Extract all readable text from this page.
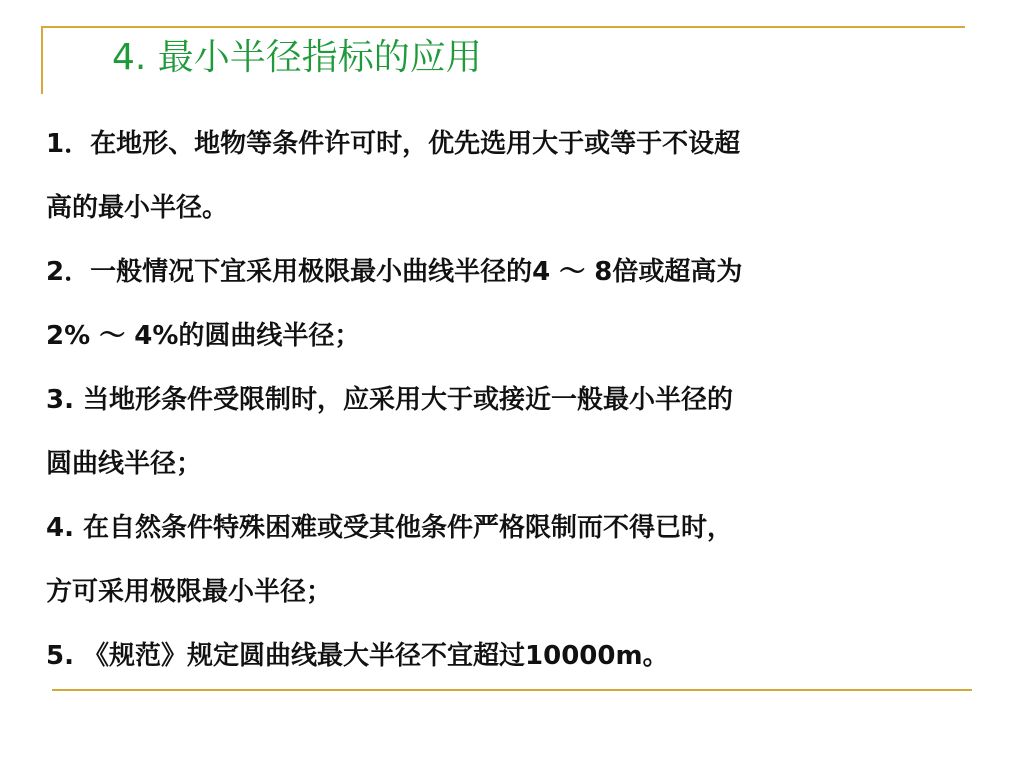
4. 最小半径指标的应用
1．在地形、地物等条件许可时，优先选用大于或等于不设超
高的最小半径。
2．一般情况下宜采用极限最小曲线半径的4 ～ 8倍或超高为
2% ～ 4%的圆曲线半径；
3. 当地形条件受限制时，应采用大于或接近一般最小半径的
圆曲线半径；
4. 在自然条件特殊困难或受其他条件严格限制而不得已时，
方可采用极限最小半径；
5. 《规范》规定圆曲线最大半径不宜超过10000m。
